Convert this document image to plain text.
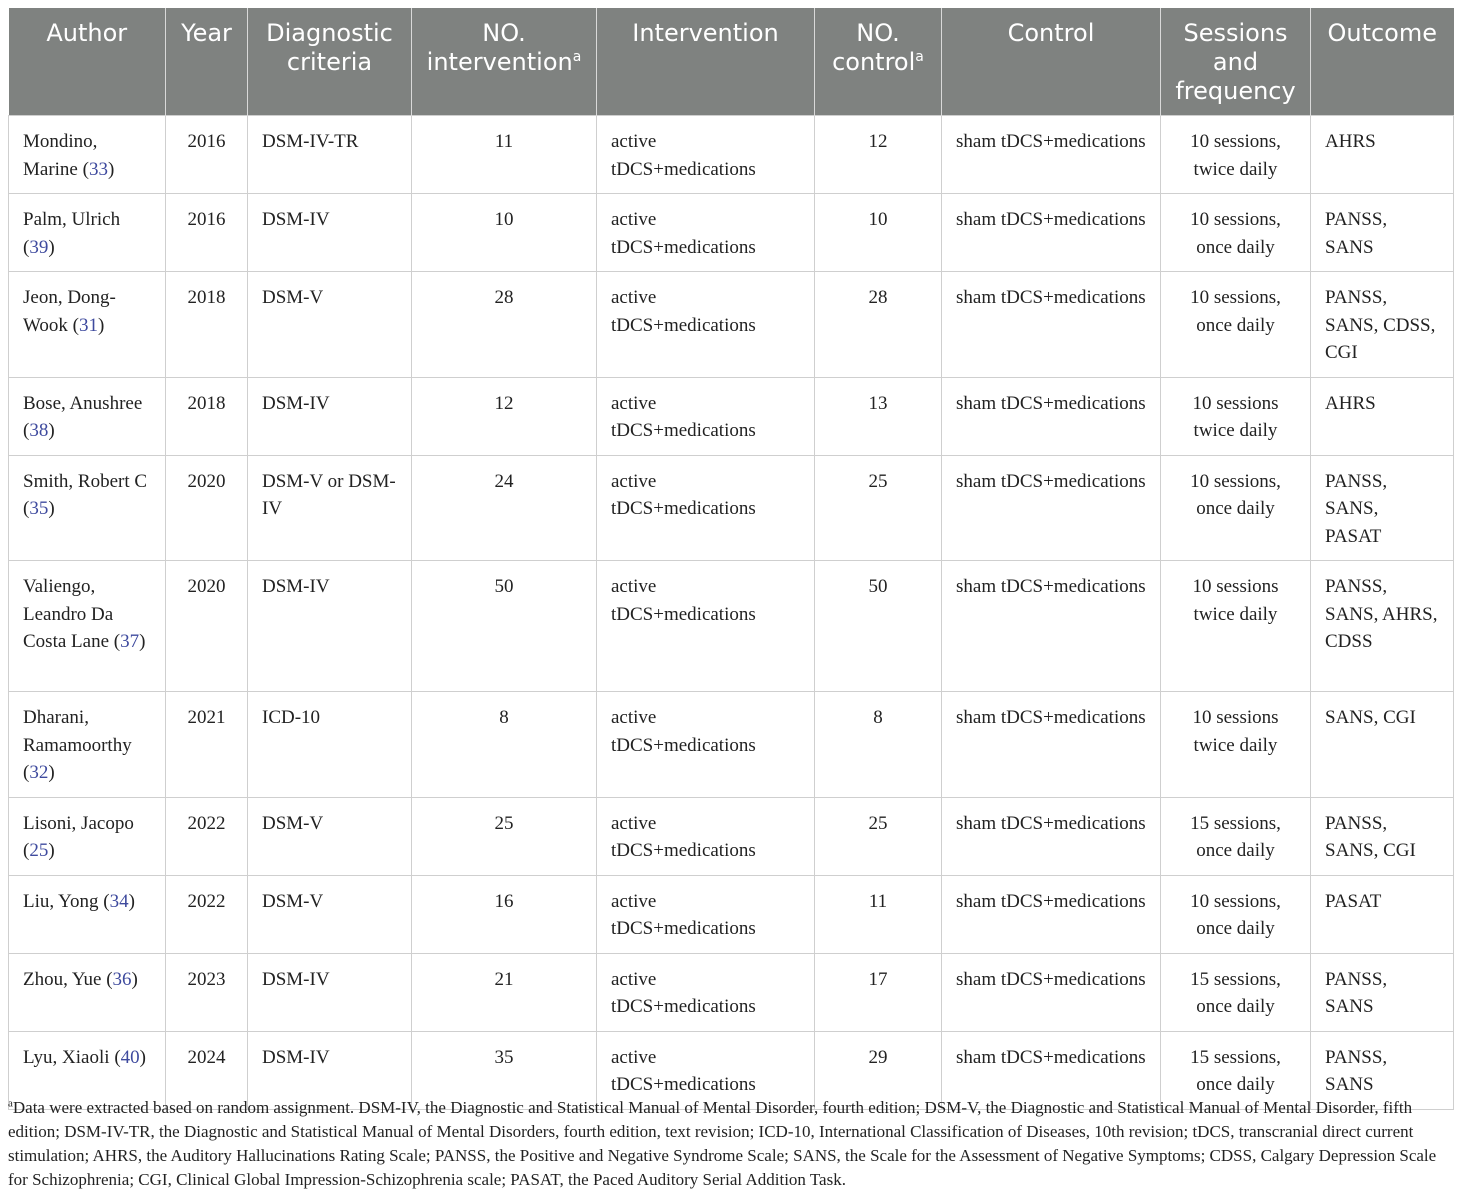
Author	Year	Diagnostic criteria	NO. intervention$^a$	Intervention	NO. control$^a$	Control	Sessions and frequency	Outcome
Mondino, Marine (33)	2016	DSM-IV-TR	11	active tDCS+medications	12	sham tDCS+medications	10 sessions, twice daily	AHRS
Palm, Ulrich (39)	2016	DSM-IV	10	active tDCS+medications	10	sham tDCS+medications	10 sessions, once daily	PANSS, SANS
Jeon, Dong-Wook (31)	2018	DSM-V	28	active tDCS+medications	28	sham tDCS+medications	10 sessions, once daily	PANSS, SANS, CDSS, CGI
Bose, Anushree (38)	2018	DSM-IV	12	active tDCS+medications	13	sham tDCS+medications	10 sessions twice daily	AHRS
Smith, Robert C (35)	2020	DSM-V or DSM-IV	24	active tDCS+medications	25	sham tDCS+medications	10 sessions, once daily	PANSS, SANS, PASAT
Valiengo, Leandro Da Costa Lane (37)	2020	DSM-IV	50	active tDCS+medications	50	sham tDCS+medications	10 sessions twice daily	PANSS, SANS, AHRS, CDSS
Dharani, Ramamoorthy (32)	2021	ICD-10	8	active tDCS+medications	8	sham tDCS+medications	10 sessions twice daily	SANS, CGI
Lisoni, Jacopo (25)	2022	DSM-V	25	active tDCS+medications	25	sham tDCS+medications	15 sessions, once daily	PANSS, SANS, CGI
Liu, Yong (34)	2022	DSM-V	16	active tDCS+medications	11	sham tDCS+medications	10 sessions, once daily	PASAT
Zhou, Yue (36)	2023	DSM-IV	21	active tDCS+medications	17	sham tDCS+medications	15 sessions, once daily	PANSS, SANS
Lyu, Xiaoli (40)	2024	DSM-IV	35	active tDCS+medications	29	sham tDCS+medications	15 sessions, once daily	PANSS, SANS
$^a$Data were extracted based on random assignment. DSM-IV, the Diagnostic and Statistical Manual of Mental Disorder, fourth edition; DSM-V, the Diagnostic and Statistical Manual of Mental Disorder, fifth edition; DSM-IV-TR, the Diagnostic and Statistical Manual of Mental Disorders, fourth edition, text revision; ICD-10, International Classification of Diseases, 10th revision; tDCS, transcranial direct current stimulation; AHRS, the Auditory Hallucinations Rating Scale; PANSS, the Positive and Negative Syndrome Scale; SANS, the Scale for the Assessment of Negative Symptoms; CDSS, Calgary Depression Scale for Schizophrenia; CGI, Clinical Global Impression-Schizophrenia scale; PASAT, the Paced Auditory Serial Addition Task.
